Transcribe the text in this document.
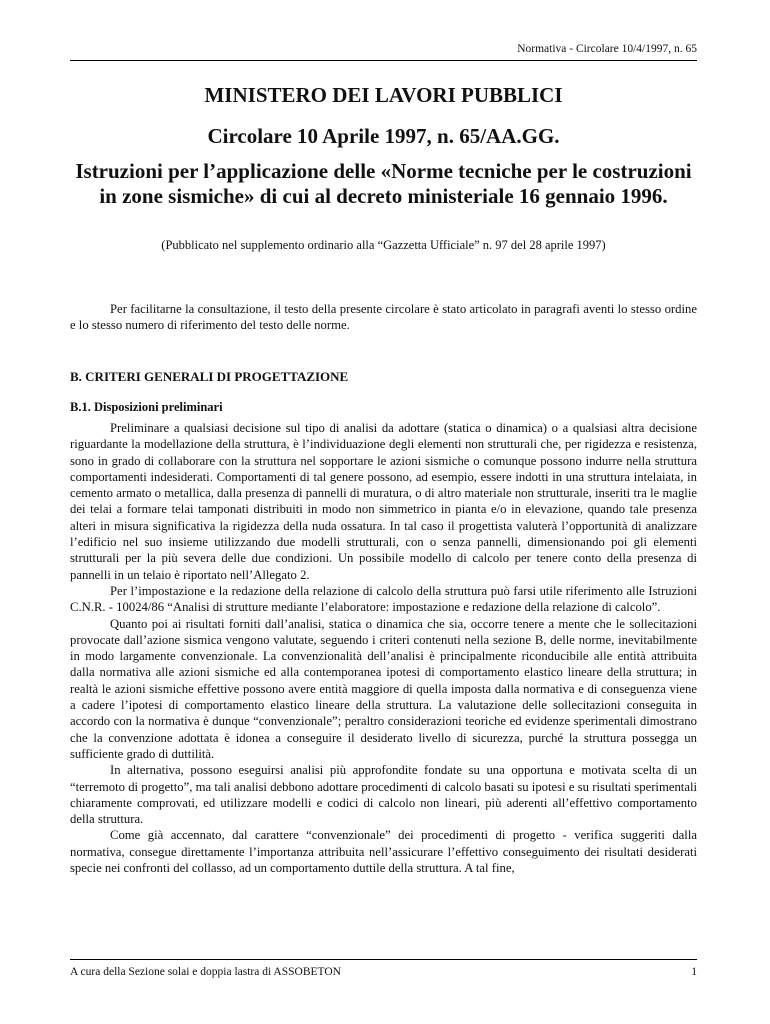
Normativa - Circolare 10/4/1997, n. 65
MINISTERO DEI LAVORI PUBBLICI
Circolare 10 Aprile 1997, n. 65/AA.GG.
Istruzioni per l’applicazione delle «Norme tecniche per le costruzioni in zone sismiche» di cui al decreto ministeriale 16 gennaio 1996.
(Pubblicato nel supplemento ordinario alla “Gazzetta Ufficiale” n. 97 del 28 aprile 1997)

Per facilitarne la consultazione, il testo della presente circolare è stato articolato in paragrafi aventi lo stesso ordine e lo stesso numero di riferimento del testo delle norme.

B. CRITERI GENERALI DI PROGETTAZIONE
B.1. Disposizioni preliminari

Preliminare a qualsiasi decisione sul tipo di analisi da adottare (statica o dinamica) o a qualsiasi altra decisione riguardante la modellazione della struttura, è l’individuazione degli elementi non strutturali che, per rigidezza e resistenza, sono in grado di collaborare con la struttura nel sopportare le azioni sismiche o comunque possono indurre nella struttura comportamenti indesiderati. Comportamenti di tal genere possono, ad esempio, essere indotti in una struttura intelaiata, in cemento armato o metallica, dalla presenza di pannelli di muratura, o di altro materiale non strutturale, inseriti tra le maglie dei telai a formare telai tamponati distribuiti in modo non simmetrico in pianta e/o in elevazione, quando tale presenza alteri in misura significativa la rigidezza della nuda ossatura. In tal caso il progettista valuterà l’opportunità di analizzare l’edificio nel suo insieme utilizzando due modelli strutturali, con o senza pannelli, dimensionando poi gli elementi strutturali per la più severa delle due condizioni. Un possibile modello di calcolo per tenere conto della presenza di pannelli in un telaio è riportato nell’Allegato 2.

Per l’impostazione e la redazione della relazione di calcolo della struttura può farsi utile riferimento alle Istruzioni C.N.R. - 10024/86 “Analisi di strutture mediante l’elaboratore: impostazione e redazione della relazione di calcolo”.

Quanto poi ai risultati forniti dall’analisi, statica o dinamica che sia, occorre tenere a mente che le sollecitazioni provocate dall’azione sismica vengono valutate, seguendo i criteri contenuti nella sezione B, delle norme, inevitabilmente in modo largamente convenzionale. La convenzionalità dell’analisi è principalmente riconducibile alle entità attribuita dalla normativa alle azioni sismiche ed alla contemporanea ipotesi di comportamento elastico lineare della struttura; in realtà le azioni sismiche effettive possono avere entità maggiore di quella imposta dalla normativa e di conseguenza viene a cadere l’ipotesi di comportamento elastico lineare della struttura. La valutazione delle sollecitazioni conseguita in accordo con la normativa è dunque “convenzionale”; peraltro considerazioni teoriche ed evidenze sperimentali dimostrano che la convenzione adottata è idonea a conseguire il desiderato livello di sicurezza, purché la struttura possegga un sufficiente grado di duttilità.

In alternativa, possono eseguirsi analisi più approfondite fondate su una opportuna e motivata scelta di un “terremoto di progetto”, ma tali analisi debbono adottare procedimenti di calcolo basati su ipotesi e su risultati sperimentali chiaramente comprovati, ed utilizzare modelli e codici di calcolo non lineari, più aderenti all’effettivo comportamento della struttura.

Come già accennato, dal carattere “convenzionale” dei procedimenti di progetto - verifica suggeriti dalla normativa, consegue direttamente l’importanza attribuita nell’assicurare l’effettivo conseguimento dei risultati desiderati specie nei confronti del collasso, ad un comportamento duttile della struttura. A tal fine,

A cura della Sezione solai e doppia lastra di ASSOBETON	1
